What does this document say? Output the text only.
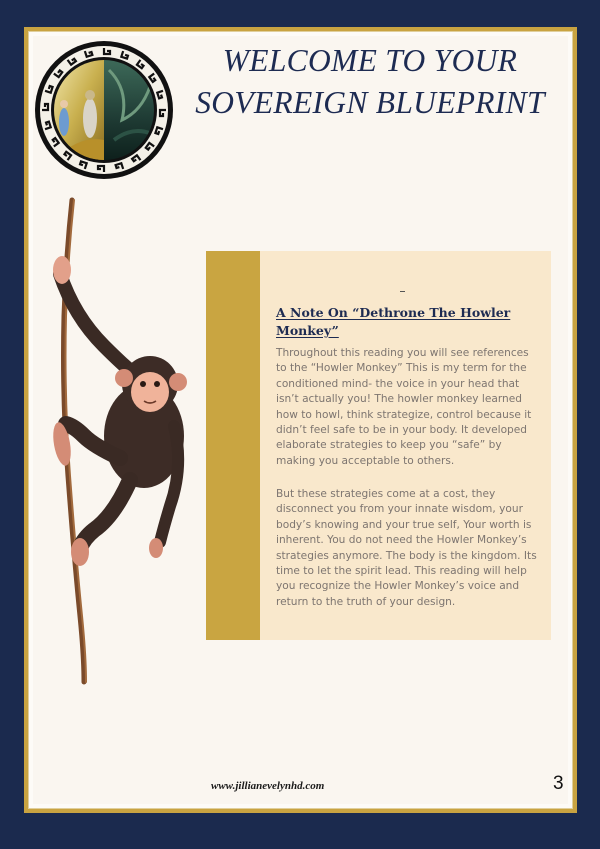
WELCOME TO YOUR
SOVEREIGN BLUEPRINT
A Note On “Dethrone The Howler Monkey”

Throughout this reading you will see references to the “Howler Monkey” This is my term for the conditioned mind- the voice in your head that isn’t actually you! The howler monkey learned how to howl, think strategize, control because it didn’t feel safe to be in your body. It developed elaborate strategies to keep you “safe” by making you acceptable to others.

But these strategies come at a cost, they disconnect you from your innate wisdom, your body’s knowing and your true self, Your worth is inherent. You do not need the Howler Monkey’s strategies anymore. The body is the kingdom. Its time to let the spirit lead. This reading will help you recognize the Howler Monkey’s voice and return to the truth of your design.

www.jillianevelynhd.com	3
